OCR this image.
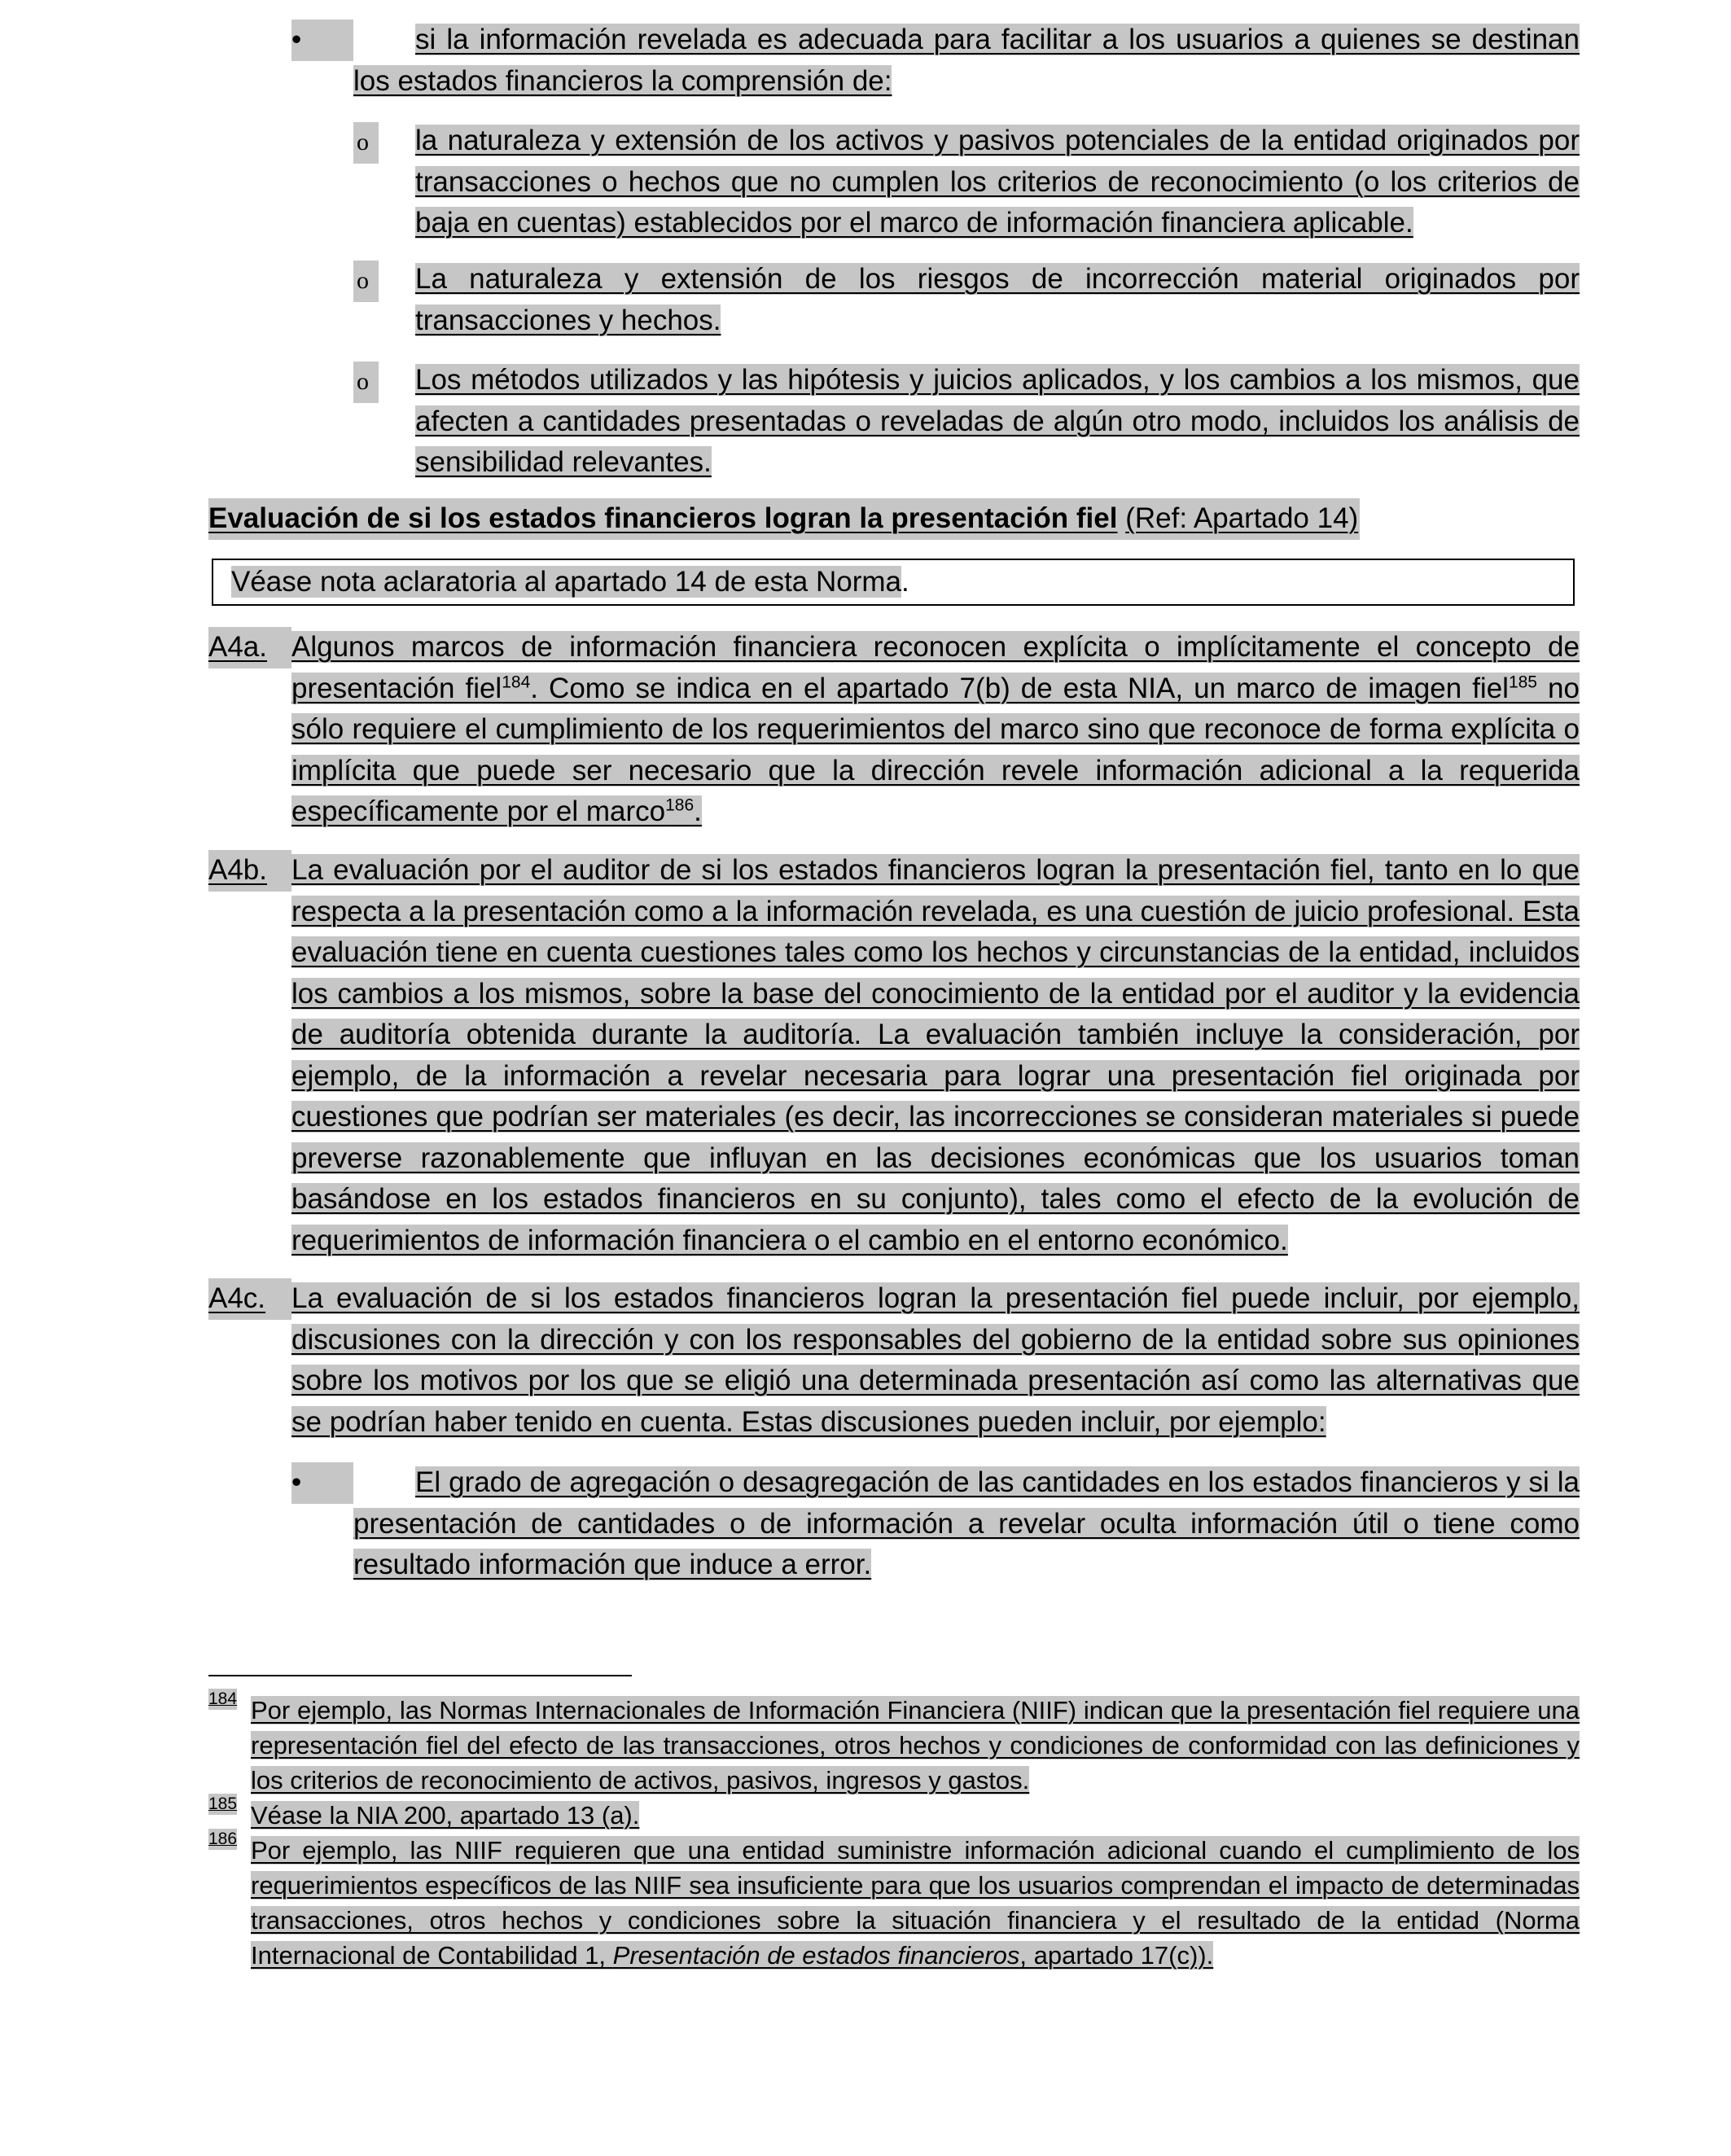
•	si la información revelada es adecuada para facilitar a los usuarios a quienes se destinan los estados financieros la comprensión de:
o	la naturaleza y extensión de los activos y pasivos potenciales de la entidad originados por transacciones o hechos que no cumplen los criterios de reconocimiento (o los criterios de baja en cuentas) establecidos por el marco de información financiera aplicable.
o	La naturaleza y extensión de los riesgos de incorrección material originados por transacciones y hechos.
o	Los métodos utilizados y las hipótesis y juicios aplicados, y los cambios a los mismos, que afecten a cantidades presentadas o reveladas de algún otro modo, incluidos los análisis de sensibilidad relevantes.
Evaluación de si los estados financieros logran la presentación fiel (Ref: Apartado 14)
Véase nota aclaratoria al apartado 14 de esta Norma.
A4a. Algunos marcos de información financiera reconocen explícita o implícitamente el concepto de presentación fiel$^{184}$. Como se indica en el apartado 7(b) de esta NIA, un marco de imagen fiel$^{185}$ no sólo requiere el cumplimiento de los requerimientos del marco sino que reconoce de forma explícita o implícita que puede ser necesario que la dirección revele información adicional a la requerida específicamente por el marco$^{186}$.
A4b. La evaluación por el auditor de si los estados financieros logran la presentación fiel, tanto en lo que respecta a la presentación como a la información revelada, es una cuestión de juicio profesional. Esta evaluación tiene en cuenta cuestiones tales como los hechos y circunstancias de la entidad, incluidos los cambios a los mismos, sobre la base del conocimiento de la entidad por el auditor y la evidencia de auditoría obtenida durante la auditoría. La evaluación también incluye la consideración, por ejemplo, de la información a revelar necesaria para lograr una presentación fiel originada por cuestiones que podrían ser materiales (es decir, las incorrecciones se consideran materiales si puede preverse razonablemente que influyan en las decisiones económicas que los usuarios toman basándose en los estados financieros en su conjunto), tales como el efecto de la evolución de requerimientos de información financiera o el cambio en el entorno económico.
A4c. La evaluación de si los estados financieros logran la presentación fiel puede incluir, por ejemplo, discusiones con la dirección y con los responsables del gobierno de la entidad sobre sus opiniones sobre los motivos por los que se eligió una determinada presentación así como las alternativas que se podrían haber tenido en cuenta. Estas discusiones pueden incluir, por ejemplo:
•	El grado de agregación o desagregación de las cantidades en los estados financieros y si la presentación de cantidades o de información a revelar oculta información útil o tiene como resultado información que induce a error.
184 Por ejemplo, las Normas Internacionales de Información Financiera (NIIF) indican que la presentación fiel requiere una representación fiel del efecto de las transacciones, otros hechos y condiciones de conformidad con las definiciones y los criterios de reconocimiento de activos, pasivos, ingresos y gastos.
185 Véase la NIA 200, apartado 13 (a).
186 Por ejemplo, las NIIF requieren que una entidad suministre información adicional cuando el cumplimiento de los requerimientos específicos de las NIIF sea insuficiente para que los usuarios comprendan el impacto de determinadas transacciones, otros hechos y condiciones sobre la situación financiera y el resultado de la entidad (Norma Internacional de Contabilidad 1, Presentación de estados financieros, apartado 17(c)).
